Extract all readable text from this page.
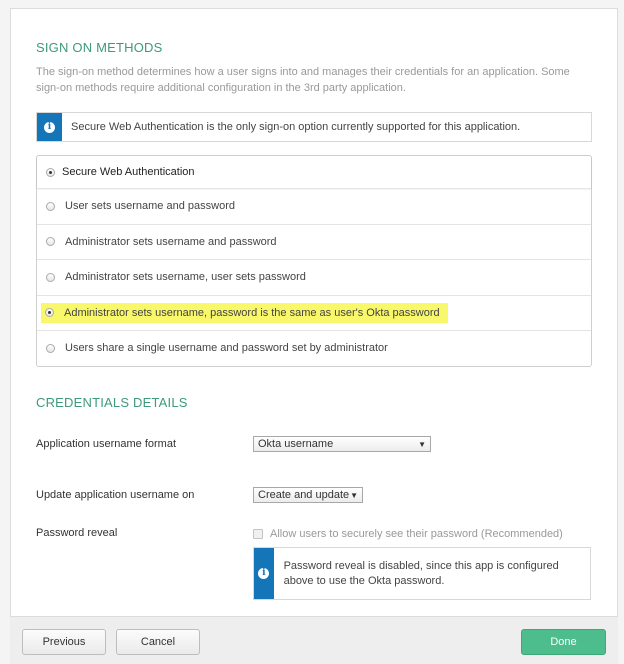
SIGN ON METHODS
The sign-on method determines how a user signs into and manages their credentials for an application. Some sign-on methods require additional configuration in the 3rd party application.
i	Secure Web Authentication is the only sign-on option currently supported for this application.
Secure Web Authentication
User sets username and password
Administrator sets username and password
Administrator sets username, user sets password
Administrator sets username, password is the same as user's Okta password
Users share a single username and password set by administrator
CREDENTIALS DETAILS
Application username format	Okta username	▼
Update application username on	Create and update ▼
Password reveal	Allow users to securely see their password (Recommended)
i
Password reveal is disabled, since this app is configured above to use the Okta password.
Previous	Cancel	Done
